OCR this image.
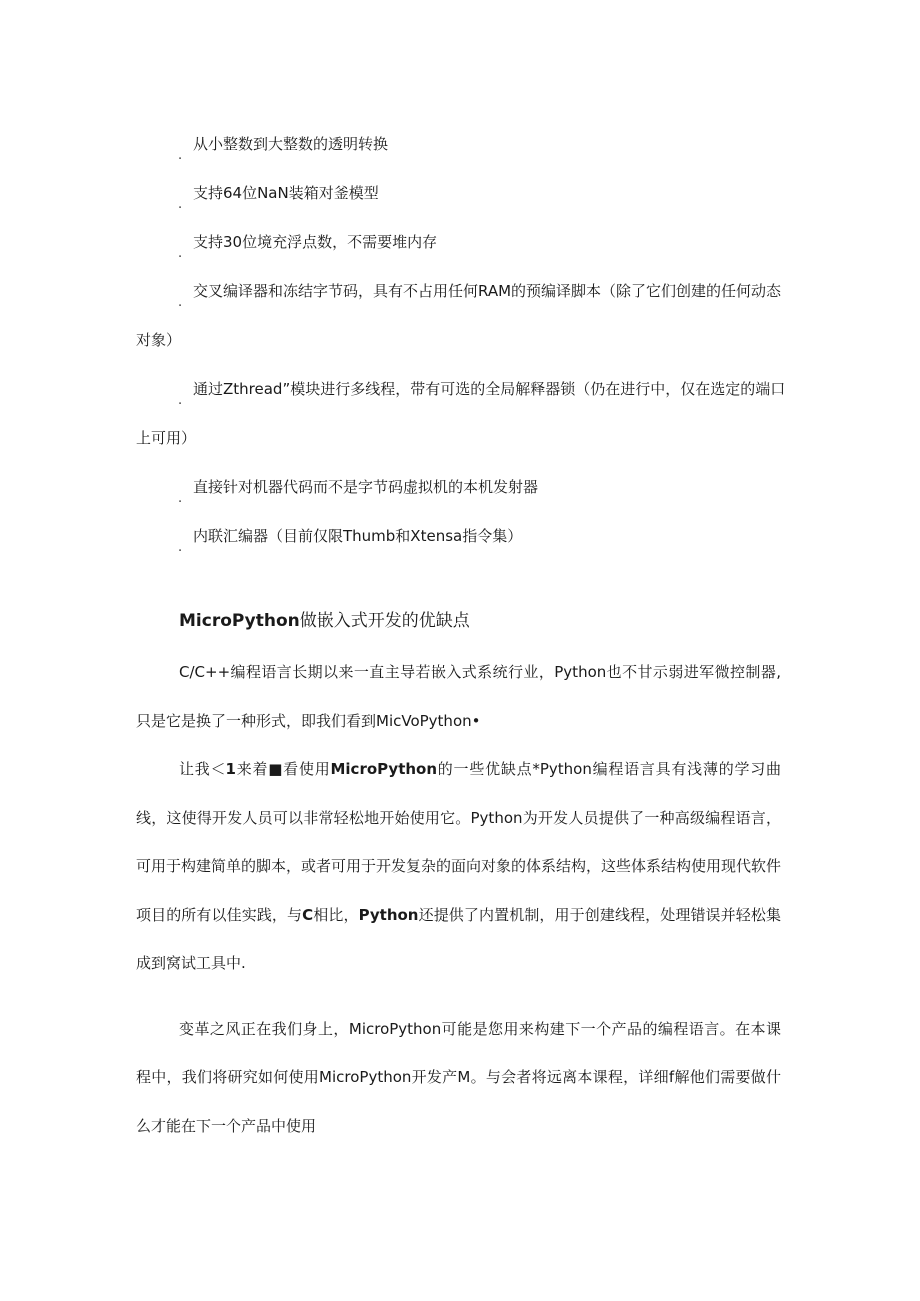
·
从小整数到大整数的透明转换
·
支持64位NaN装箱对釜模型
·
支持30位境充浮点数，不需要堆内存
·
交叉编译器和冻结字节码，具有不占用任何RAM的预编译脚本（除了它们创建的任何动态对象）
·
通过Zthread”模块进行多线程，带有可选的全局解释器锁（仍在进行中，仅在选定的端口上可用）
·
直接针对机器代码而不是字节码虚拟机的本机发射器
·
内联汇编器（目前仅限Thumb和Xtensa指令集）
MicroPython做嵌入式开发的优缺点

C/C++编程语言长期以来一直主导若嵌入式系统行业，Python也不甘示弱进军微控制器,只是它是换了一种形式，即我们看到MicVoPython•

让我＜1来着■看使用MicroPython的一些优缺点*Python编程语言具有浅薄的学习曲线，这使得开发人员可以非常轻松地开始使用它。Python为开发人员提供了一种高级编程语言，可用于构建简单的脚本，或者可用于开发复杂的面向对象的体系结构，这些体系结构使用现代软件项目的所有以佳实践，与C相比，Python还提供了内置机制，用于创建线程，处理错误并轻松集成到窝试工具中.

变革之风正在我们身上，MicroPython可能是您用来构建下一个产品的编程语言。在本课程中，我们将研究如何使用MicroPython开发产M。与会者将远离本课程，详细f解他们需要做什么才能在下一个产品中使用
